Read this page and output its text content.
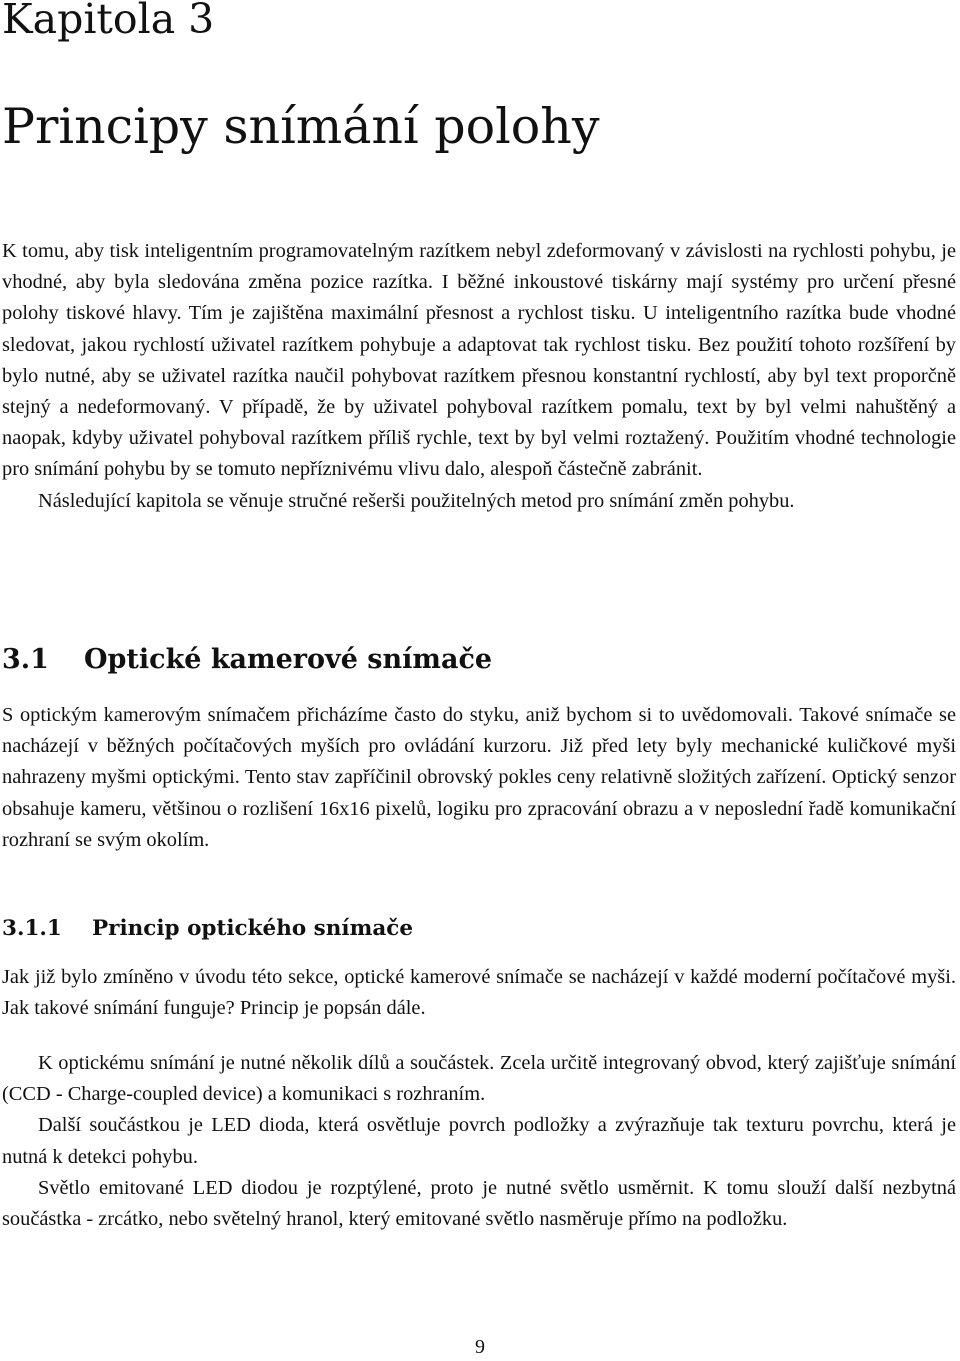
Kapitola 3
Principy snímání polohy

K tomu, aby tisk inteligentním programovatelným razítkem nebyl zdeformovaný v závislosti na rychlosti pohybu, je vhodné, aby byla sledována změna pozice razítka. I běžné inkoustové tiskárny mají systémy pro určení přesné polohy tiskové hlavy. Tím je zajištěna maximální přesnost a rychlost tisku. U inteligentního razítka bude vhodné sledovat, jakou rychlostí uživatel razítkem pohybuje a adaptovat tak rychlost tisku. Bez použití tohoto rozšíření by bylo nutné, aby se uživatel razítka naučil pohybovat razítkem přesnou konstantní rychlostí, aby byl text proporčně stejný a nedeformovaný. V případě, že by uživatel pohyboval razítkem pomalu, text by byl velmi nahuštěný a naopak, kdyby uživatel pohyboval razítkem příliš rychle, text by byl velmi roztažený. Použitím vhodné technologie pro snímání pohybu by se tomuto nepříznivému vlivu dalo, alespoň částečně zabránit.

Následující kapitola se věnuje stručné rešerši použitelných metod pro snímání změn pohybu.

3.1 Optické kamerové snímače

S optickým kamerovým snímačem přicházíme často do styku, aniž bychom si to uvědomovali. Takové snímače se nacházejí v běžných počítačových myších pro ovládání kurzoru. Již před lety byly mechanické kuličkové myši nahrazeny myšmi optickými. Tento stav zapříčinil obrovský pokles ceny relativně složitých zařízení. Optický senzor obsahuje kameru, většinou o rozlišení 16x16 pixelů, logiku pro zpracování obrazu a v neposlední řadě komunikační rozhraní se svým okolím.

3.1.1 Princip optického snímače

Jak již bylo zmíněno v úvodu této sekce, optické kamerové snímače se nacházejí v každé moderní počítačové myši. Jak takové snímání funguje? Princip je popsán dále.

K optickému snímání je nutné několik dílů a součástek. Zcela určitě integrovaný obvod, který zajišťuje snímání (CCD - Charge-coupled device) a komunikaci s rozhraním.

Další součástkou je LED dioda, která osvětluje povrch podložky a zvýrazňuje tak texturu povrchu, která je nutná k detekci pohybu.

Světlo emitované LED diodou je rozptýlené, proto je nutné světlo usměrnit. K tomu slouží další nezbytná součástka - zrcátko, nebo světelný hranol, který emitované světlo nasměruje přímo na podložku.

9
